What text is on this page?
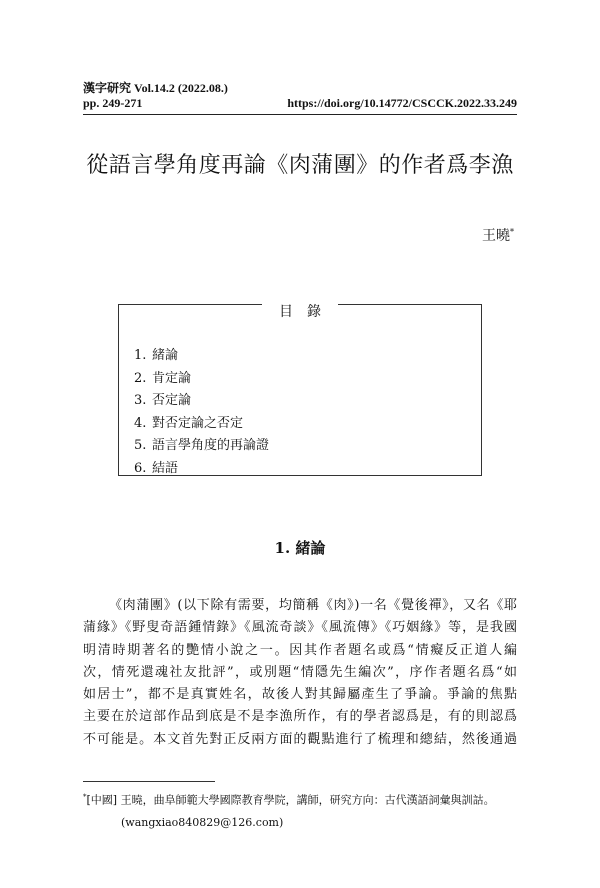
漢字研究 Vol.14.2 (2022.08.)
pp. 249-271	https://doi.org/10.14772/CSCCK.2022.33.249
從語言學角度再論《肉蒲團》的作者爲李漁
王曉*
目錄
1. 緒論
2. 肯定論
3. 否定論
4. 對否定論之否定
5. 語言學角度的再論證
6. 結語
1. 緒論
《肉蒲團》(以下除有需要，均簡稱《肉》)一名《覺後禪》，又名《耶
蒲緣》《野叟奇語鍾情錄》《風流奇談》《風流傳》《巧姻緣》等，是我國
明清時期著名的艷情小說之一。因其作者題名或爲“情癡反正道人編
次，情死還魂社友批評”，或別題“情隱先生編次”，序作者題名爲“如
如居士”，都不是真實姓名，故後人對其歸屬產生了爭論。爭論的焦點
主要在於這部作品到底是不是李漁所作，有的學者認爲是，有的則認爲
不可能是。本文首先對正反兩方面的觀點進行了梳理和總結，然後通過
*[中國] 王曉，曲阜師範大學國際教育學院，講師，研究方向：古代漢語詞彙與訓詁。
(wangxiao840829@126.com)
